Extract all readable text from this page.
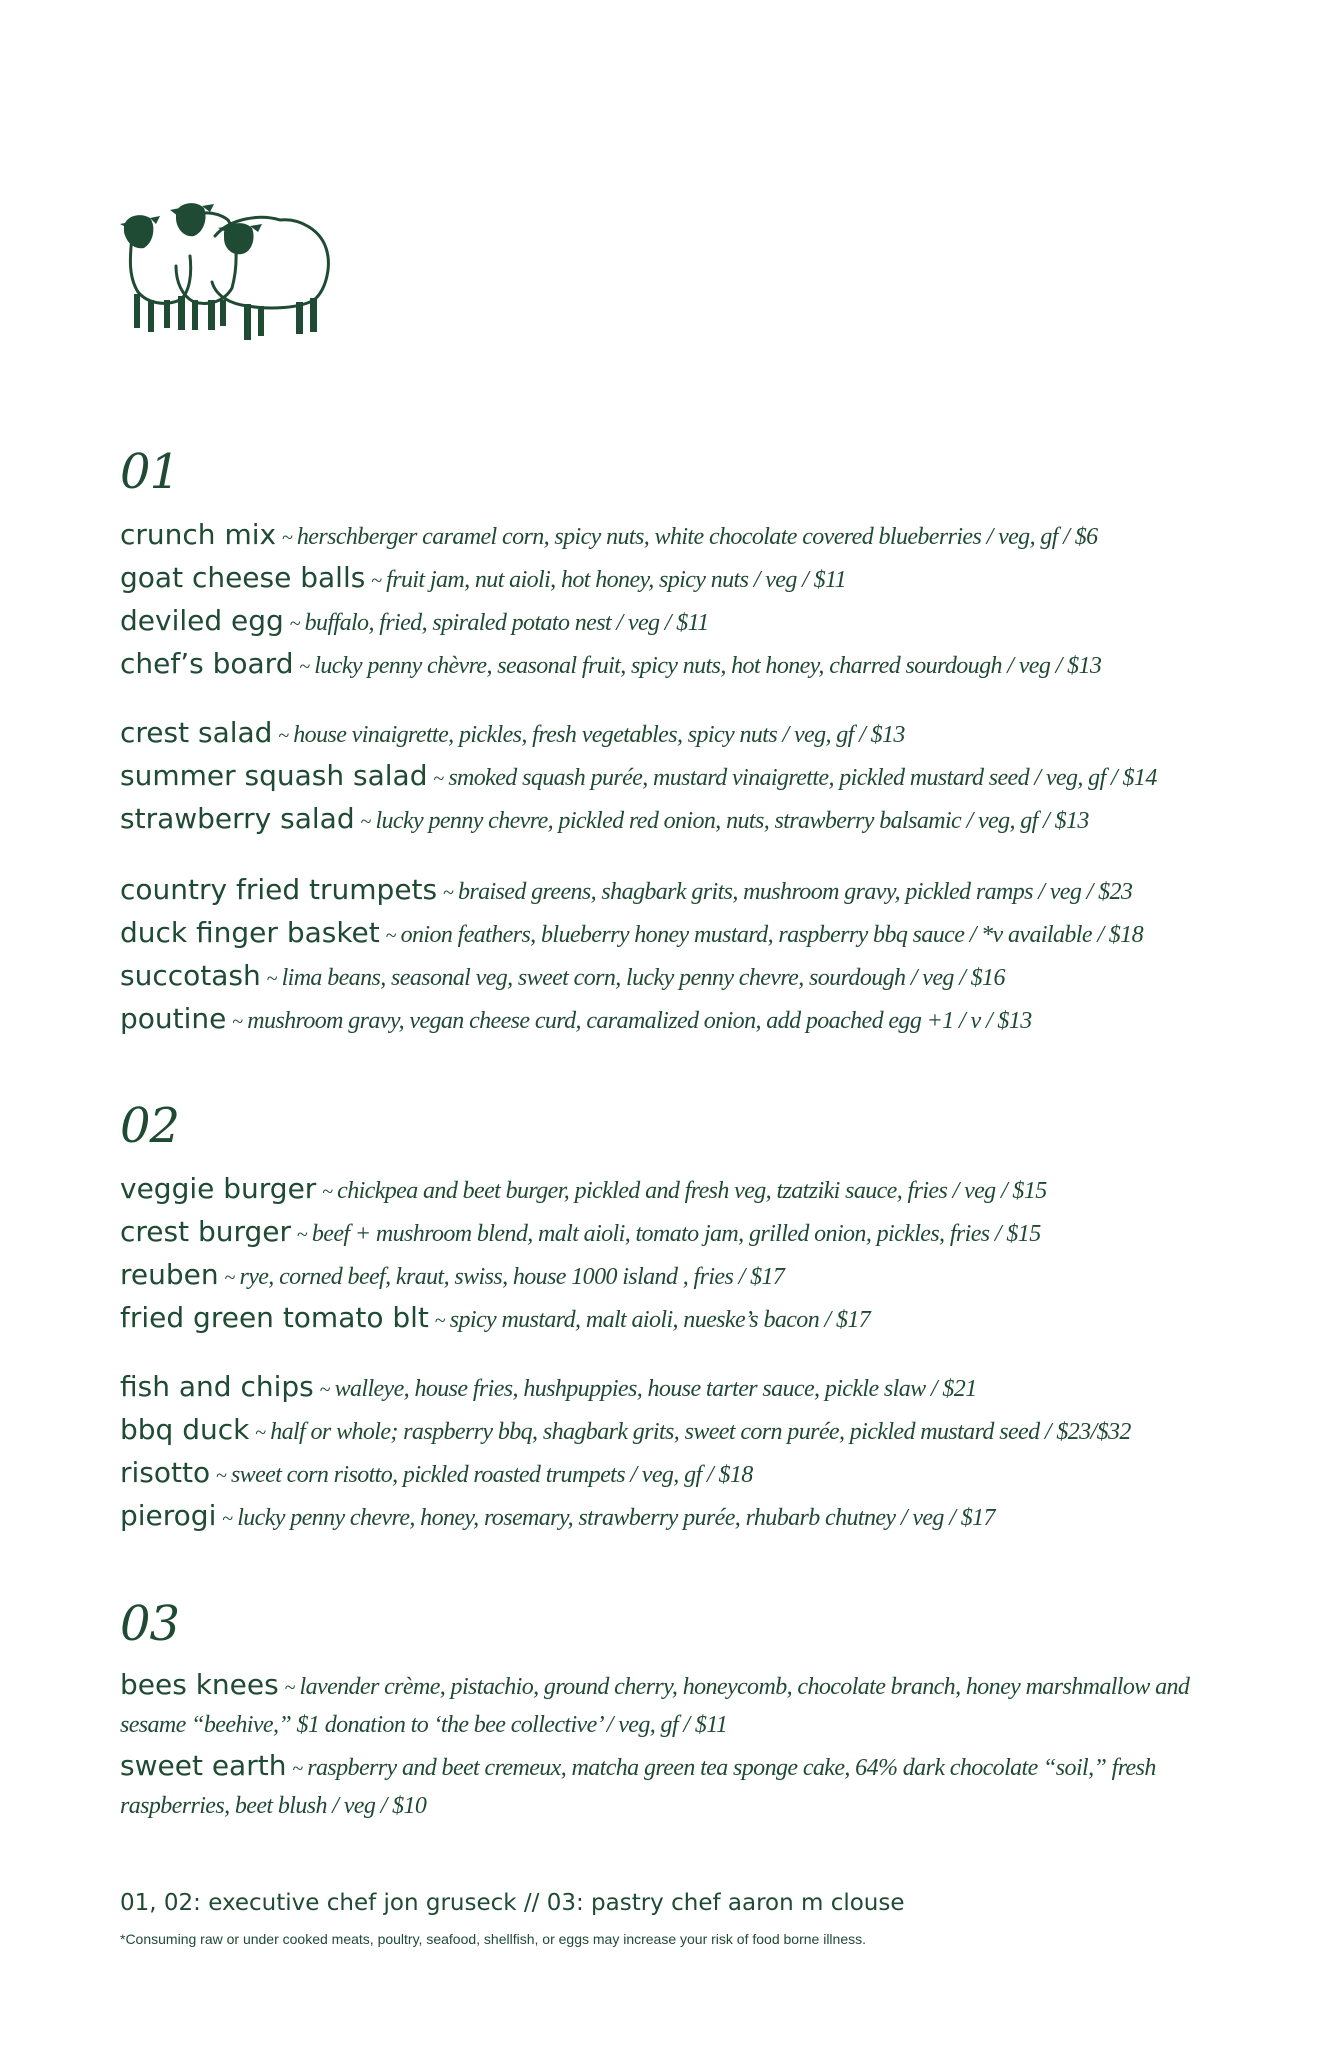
01
crunch mix ~ herschberger caramel corn, spicy nuts, white chocolate covered blueberries / veg, gf / $6
goat cheese balls ~ fruit jam, nut aioli, hot honey, spicy nuts / veg / $11
deviled egg ~ buffalo, fried, spiraled potato nest / veg / $11
chef’s board ~ lucky penny chèvre, seasonal fruit, spicy nuts, hot honey, charred sourdough / veg / $13
crest salad ~ house vinaigrette, pickles, fresh vegetables, spicy nuts / veg, gf / $13
summer squash salad ~ smoked squash purée, mustard vinaigrette, pickled mustard seed / veg, gf / $14
strawberry salad ~ lucky penny chevre, pickled red onion, nuts, strawberry balsamic / veg, gf / $13
country fried trumpets ~ braised greens, shagbark grits, mushroom gravy, pickled ramps / veg / $23
duck finger basket ~ onion feathers, blueberry honey mustard, raspberry bbq sauce / *v available / $18
succotash ~ lima beans, seasonal veg, sweet corn, lucky penny chevre, sourdough / veg / $16
poutine ~ mushroom gravy, vegan cheese curd, caramalized onion, add poached egg +1 / v / $13
02
veggie burger ~ chickpea and beet burger, pickled and fresh veg, tzatziki sauce, fries / veg / $15
crest burger ~ beef + mushroom blend, malt aioli, tomato jam, grilled onion, pickles, fries / $15
reuben ~ rye, corned beef, kraut, swiss, house 1000 island , fries / $17
fried green tomato blt ~ spicy mustard, malt aioli, nueske’s bacon / $17
fish and chips ~ walleye, house fries, hushpuppies, house tarter sauce, pickle slaw / $21
bbq duck ~ half or whole; raspberry bbq, shagbark grits, sweet corn purée, pickled mustard seed / $23/$32
risotto ~ sweet corn risotto, pickled roasted trumpets / veg, gf / $18
pierogi ~ lucky penny chevre, honey, rosemary, strawberry purée, rhubarb chutney / veg / $17
03
bees knees ~ lavender crème, pistachio, ground cherry, honeycomb, chocolate branch, honey marshmallow and sesame “beehive,” $1 donation to ‘the bee collective’ / veg, gf / $11
sweet earth ~ raspberry and beet cremeux, matcha green tea sponge cake, 64% dark chocolate “soil,” fresh raspberries, beet blush / veg / $10
01, 02: executive chef jon gruseck // 03: pastry chef aaron m clouse
*Consuming raw or under cooked meats, poultry, seafood, shellfish, or eggs may increase your risk of food borne illness.
